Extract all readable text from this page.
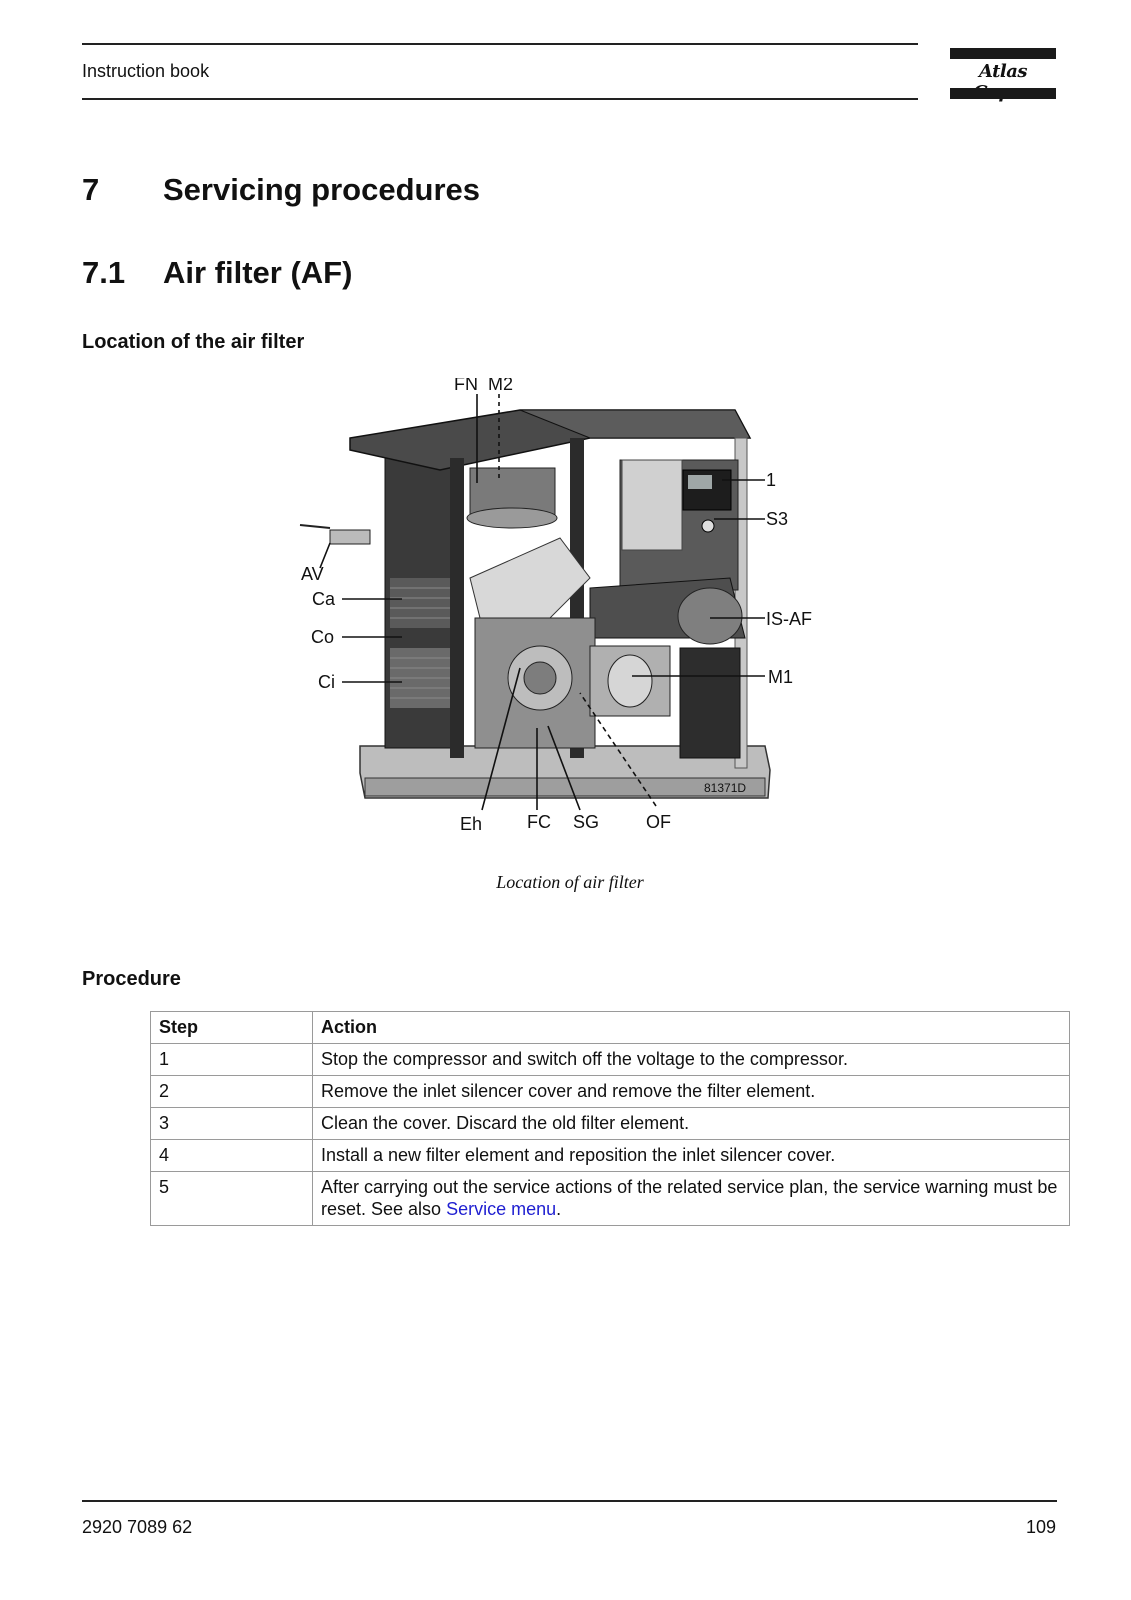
Instruction book	Atlas
7 Servicing procedures
7.1 Air filter (AF)
Location of the air filter
FN M2
1
S3
AV
Ca
Co
Ci
IS-AF
M1
81371D
Eh FC SG	OF
Location of air filter
Procedure
Step	Action
1	Stop the compressor and switch off the voltage to the compressor.
2	Remove the inlet silencer cover and remove the filter element.
3	Clean the cover. Discard the old filter element.
4	Install a new filter element and reposition the inlet silencer cover.
5	After carrying out the service actions of the related service plan, the service warning must be reset. See also Service menu.
2920 7089 62	109
